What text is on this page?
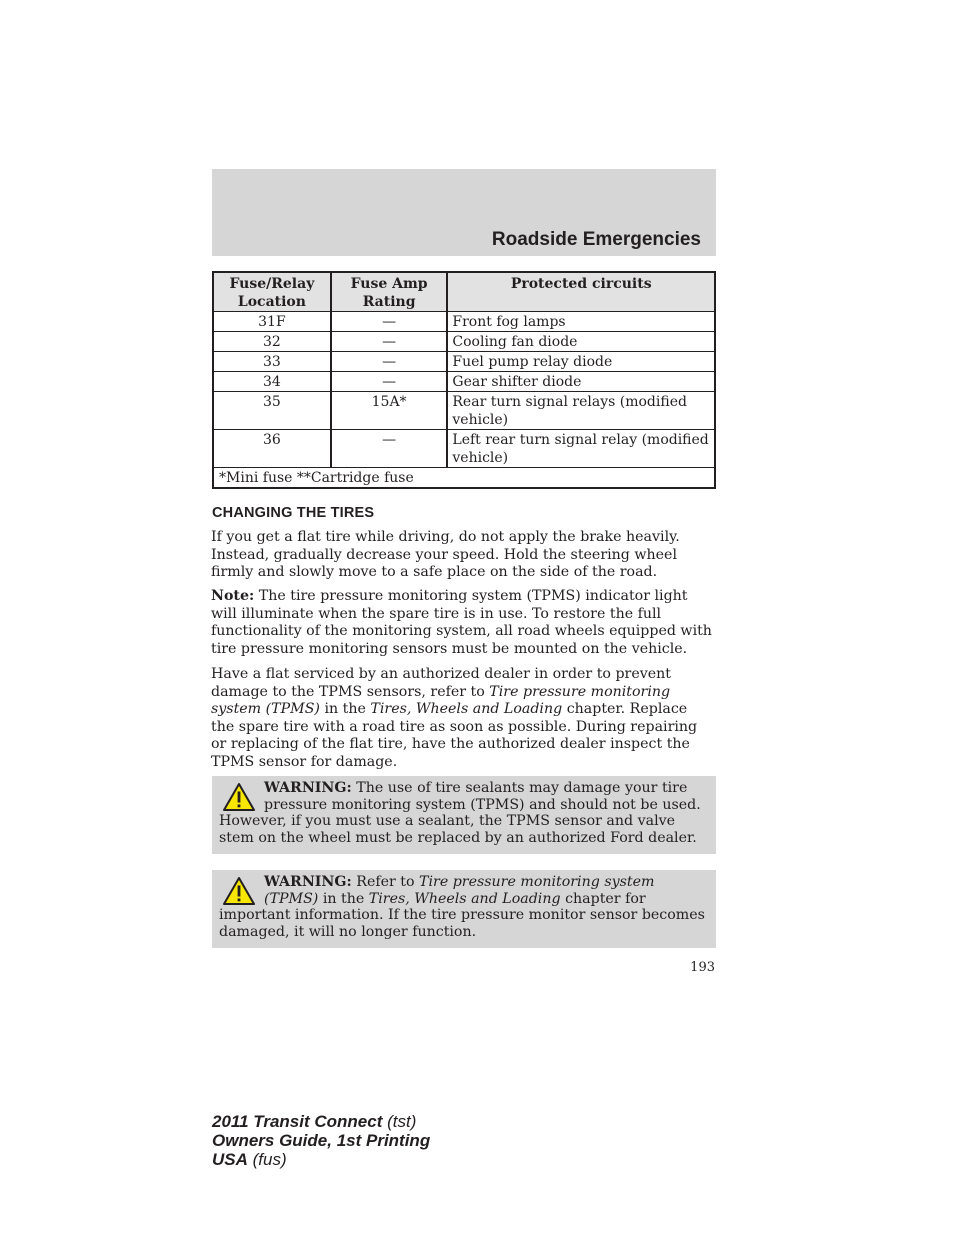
Roadside Emergencies
Fuse/Relay Location	Fuse Amp Rating	Protected circuits
31F	—	Front fog lamps
32	—	Cooling fan diode
33	—	Fuel pump relay diode
34	—	Gear shifter diode
35	15A*	Rear turn signal relays (modified vehicle)
36	—	Left rear turn signal relay (modified vehicle)
*Mini fuse **Cartridge fuse		
CHANGING THE TIRES

If you get a flat tire while driving, do not apply the brake heavily. Instead, gradually decrease your speed. Hold the steering wheel firmly and slowly move to a safe place on the side of the road.

Note: The tire pressure monitoring system (TPMS) indicator light will illuminate when the spare tire is in use. To restore the full functionality of the monitoring system, all road wheels equipped with tire pressure monitoring sensors must be mounted on the vehicle.

Have a flat serviced by an authorized dealer in order to prevent damage to the TPMS sensors, refer to Tire pressure monitoring system (TPMS) in the Tires, Wheels and Loading chapter. Replace the spare tire with a road tire as soon as possible. During repairing or replacing of the flat tire, have the authorized dealer inspect the TPMS sensor for damage.

WARNING: The use of tire sealants may damage your tire pressure monitoring system (TPMS) and should not be used. However, if you must use a sealant, the TPMS sensor and valve stem on the wheel must be replaced by an authorized Ford dealer.
WARNING: Refer to Tire pressure monitoring system (TPMS) in the Tires, Wheels and Loading chapter for important information. If the tire pressure monitor sensor becomes damaged, it will no longer function.
193
2011 Transit Connect (tst)
Owners Guide, 1st Printing
USA (fus)
